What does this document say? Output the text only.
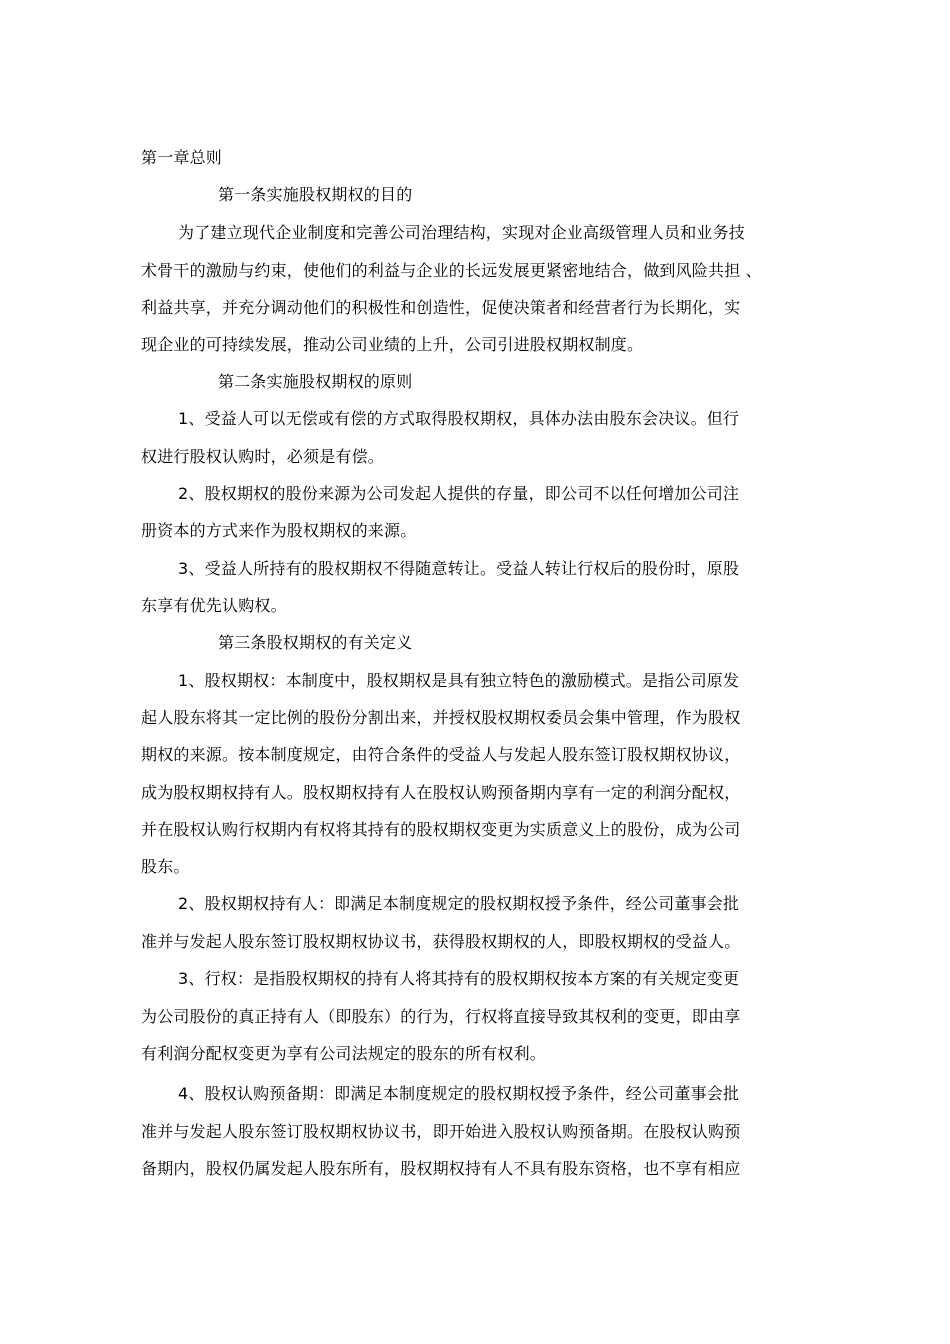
第一章总则

第一条实施股权期权的目的

为了建立现代企业制度和完善公司治理结构，实现对企业高级管理人员和业务技

术骨干的激励与约束，使他们的利益与企业的长远发展更紧密地结合，做到风险共担 、

利益共享，并充分调动他们的积极性和创造性，促使决策者和经营者行为长期化，实

现企业的可持续发展，推动公司业绩的上升，公司引进股权期权制度。

第二条实施股权期权的原则

1、受益人可以无偿或有偿的方式取得股权期权，具体办法由股东会决议。但行

权进行股权认购时，必须是有偿。

2、股权期权的股份来源为公司发起人提供的存量，即公司不以任何增加公司注

册资本的方式来作为股权期权的来源。

3、受益人所持有的股权期权不得随意转让。受益人转让行权后的股份时，原股

东享有优先认购权。

第三条股权期权的有关定义

1、股权期权：本制度中，股权期权是具有独立特色的激励模式。是指公司原发

起人股东将其一定比例的股份分割出来，并授权股权期权委员会集中管理，作为股权

期权的来源。按本制度规定，由符合条件的受益人与发起人股东签订股权期权协议，

成为股权期权持有人。股权期权持有人在股权认购预备期内享有一定的利润分配权，

并在股权认购行权期内有权将其持有的股权期权变更为实质意义上的股份，成为公司

股东。

2、股权期权持有人：即满足本制度规定的股权期权授予条件，经公司董事会批

准并与发起人股东签订股权期权协议书，获得股权期权的人，即股权期权的受益人。

3、行权：是指股权期权的持有人将其持有的股权期权按本方案的有关规定变更

为公司股份的真正持有人（即股东）的行为，行权将直接导致其权利的变更，即由享

有利润分配权变更为享有公司法规定的股东的所有权利。

4、股权认购预备期：即满足本制度规定的股权期权授予条件，经公司董事会批

准并与发起人股东签订股权期权协议书，即开始进入股权认购预备期。在股权认购预

备期内，股权仍属发起人股东所有，股权期权持有人不具有股东资格，也不享有相应
